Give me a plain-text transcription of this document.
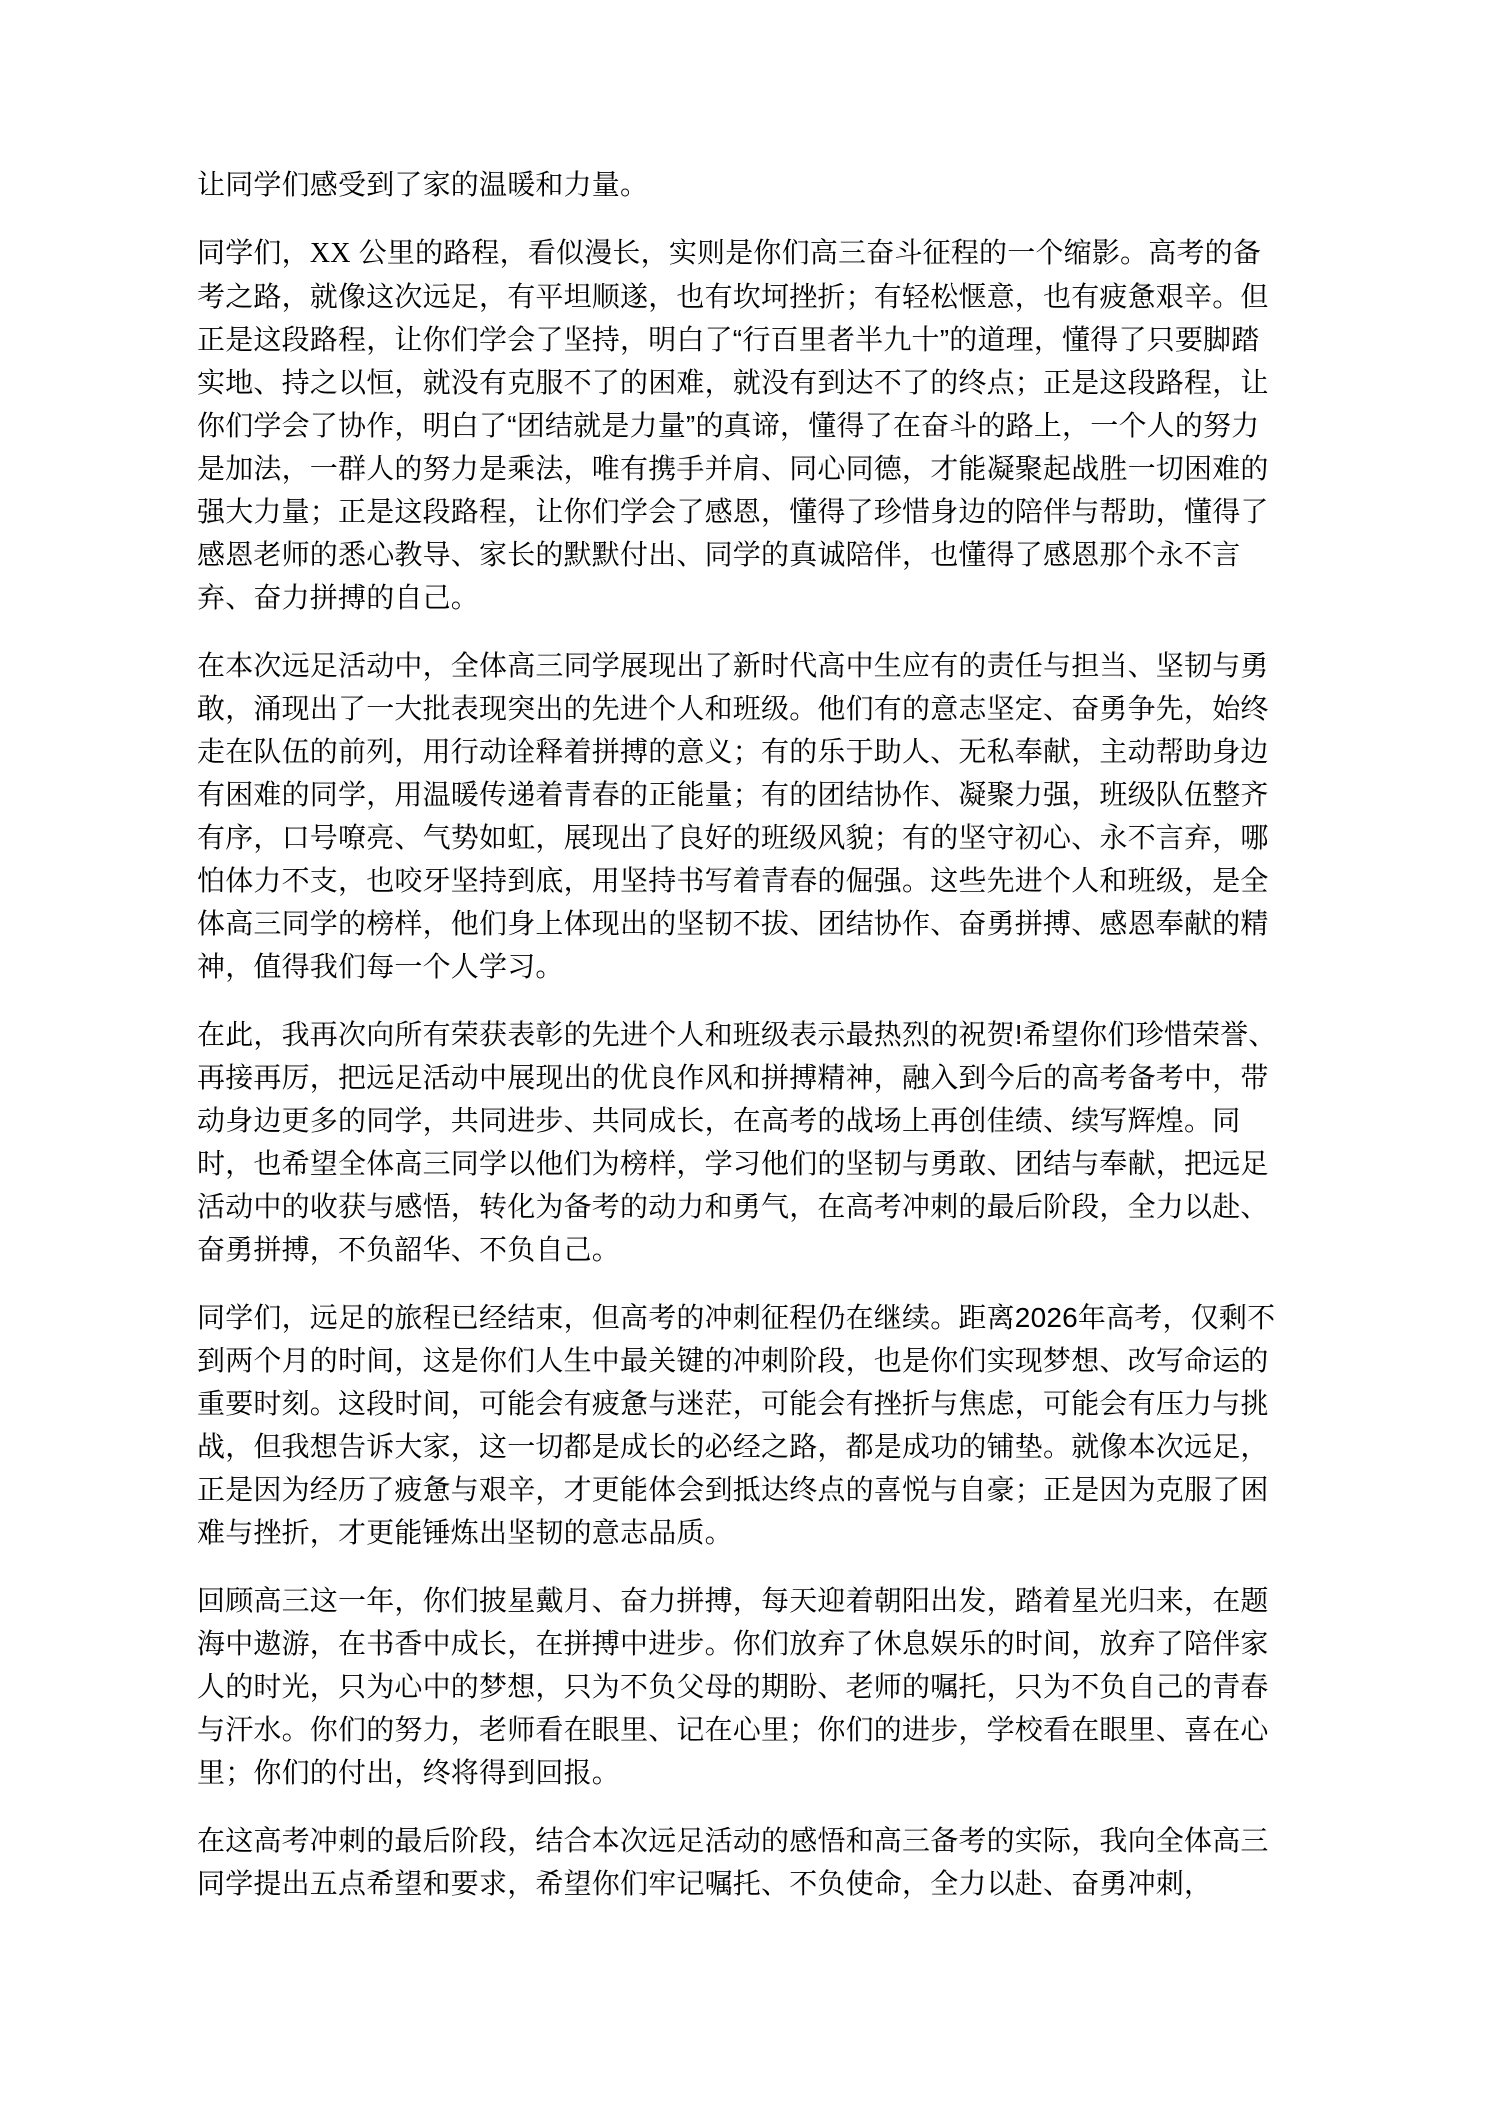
让同学们感受到了家的温暖和力量。

同学们，XX 公里的路程，看似漫长，实则是你们高三奋斗征程的一个缩影。高考的备考之路，就像这次远足，有平坦顺遂，也有坎坷挫折；有轻松惬意，也有疲惫艰辛。但正是这段路程，让你们学会了坚持，明白了“行百里者半九十”的道理，懂得了只要脚踏实地、持之以恒，就没有克服不了的困难，就没有到达不了的终点；正是这段路程，让你们学会了协作，明白了“团结就是力量”的真谛，懂得了在奋斗的路上，一个人的努力是加法，一群人的努力是乘法，唯有携手并肩、同心同德，才能凝聚起战胜一切困难的强大力量；正是这段路程，让你们学会了感恩，懂得了珍惜身边的陪伴与帮助，懂得了感恩老师的悉心教导、家长的默默付出、同学的真诚陪伴，也懂得了感恩那个永不言弃、奋力拼搏的自己。

在本次远足活动中，全体高三同学展现出了新时代高中生应有的责任与担当、坚韧与勇敢，涌现出了一大批表现突出的先进个人和班级。他们有的意志坚定、奋勇争先，始终走在队伍的前列，用行动诠释着拼搏的意义；有的乐于助人、无私奉献，主动帮助身边有困难的同学，用温暖传递着青春的正能量；有的团结协作、凝聚力强，班级队伍整齐有序，口号嘹亮、气势如虹，展现出了良好的班级风貌；有的坚守初心、永不言弃，哪怕体力不支，也咬牙坚持到底，用坚持书写着青春的倔强。这些先进个人和班级，是全体高三同学的榜样，他们身上体现出的坚韧不拔、团结协作、奋勇拼搏、感恩奉献的精神，值得我们每一个人学习。

在此，我再次向所有荣获表彰的先进个人和班级表示最热烈的祝贺!希望你们珍惜荣誉、再接再厉，把远足活动中展现出的优良作风和拼搏精神，融入到今后的高考备考中，带动身边更多的同学，共同进步、共同成长，在高考的战场上再创佳绩、续写辉煌。同时，也希望全体高三同学以他们为榜样，学习他们的坚韧与勇敢、团结与奉献，把远足活动中的收获与感悟，转化为备考的动力和勇气，在高考冲刺的最后阶段，全力以赴、奋勇拼搏，不负韶华、不负自己。

同学们，远足的旅程已经结束，但高考的冲刺征程仍在继续。距离2026年高考，仅剩不到两个月的时间，这是你们人生中最关键的冲刺阶段，也是你们实现梦想、改写命运的重要时刻。这段时间，可能会有疲惫与迷茫，可能会有挫折与焦虑，可能会有压力与挑战，但我想告诉大家，这一切都是成长的必经之路，都是成功的铺垫。就像本次远足，正是因为经历了疲惫与艰辛，才更能体会到抵达终点的喜悦与自豪；正是因为克服了困难与挫折，才更能锤炼出坚韧的意志品质。

回顾高三这一年，你们披星戴月、奋力拼搏，每天迎着朝阳出发，踏着星光归来，在题海中遨游，在书香中成长，在拼搏中进步。你们放弃了休息娱乐的时间，放弃了陪伴家人的时光，只为心中的梦想，只为不负父母的期盼、老师的嘱托，只为不负自己的青春与汗水。你们的努力，老师看在眼里、记在心里；你们的进步，学校看在眼里、喜在心里；你们的付出，终将得到回报。

在这高考冲刺的最后阶段，结合本次远足活动的感悟和高三备考的实际，我向全体高三同学提出五点希望和要求，希望你们牢记嘱托、不负使命，全力以赴、奋勇冲刺，
